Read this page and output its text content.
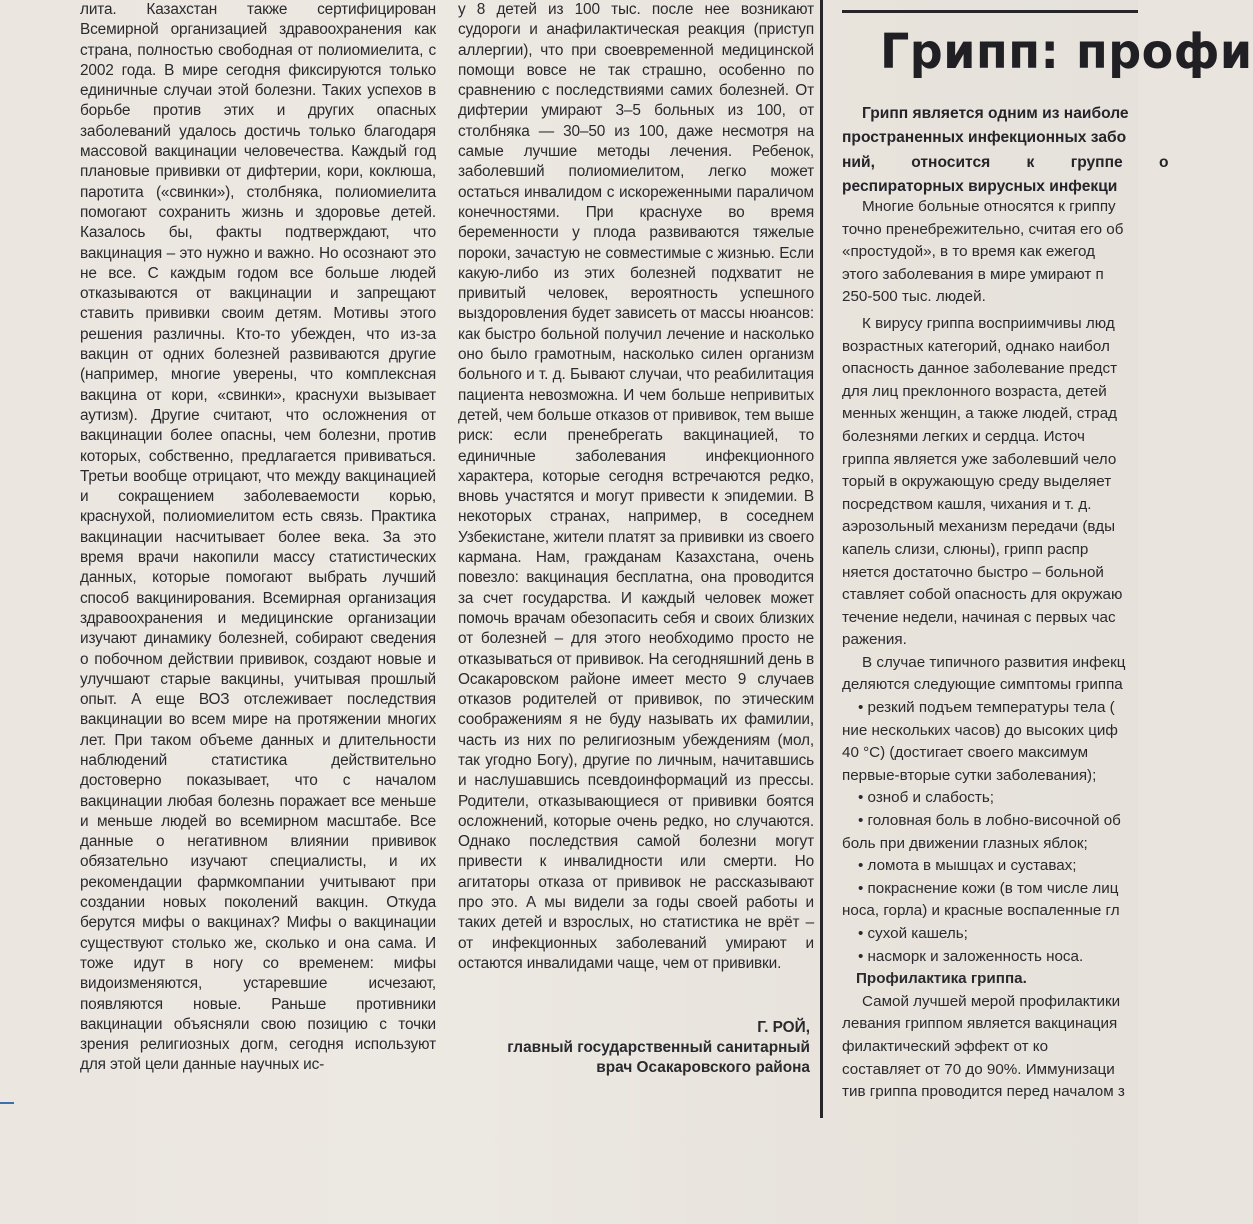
лита. Казахстан также сертифицирован Всемирной организацией здравоохранения как страна, полностью свободная от полиомиелита, с 2002 года. В мире сегодня фиксируются только единичные случаи этой болезни. Таких успехов в борьбе против этих и других опасных заболеваний удалось достичь только благодаря массовой вакцинации человечества. Каждый год плановые прививки от дифтерии, кори, коклюша, паротита («свинки»), столбняка, полиомиелита помогают сохранить жизнь и здоровье детей. Казалось бы, факты подтверждают, что вакцинация – это нужно и важно. Но осознают это не все. С каждым годом все больше людей отказываются от вакцинации и запрещают ставить прививки своим детям. Мотивы этого решения различны. Кто-то убежден, что из-за вакцин от одних болезней развиваются другие (например, многие уверены, что комплексная вакцина от кори, «свинки», краснухи вызывает аутизм). Другие считают, что осложнения от вакцинации более опасны, чем болезни, против которых, собственно, предлагается прививаться. Третьи вообще отрицают, что между вакцинацией и сокращением заболеваемости корью, краснухой, полиомиелитом есть связь. Практика вакцинации насчитывает более века. За это время врачи накопили массу статистических данных, которые помогают выбрать лучший способ вакцинирования. Всемирная организация здравоохранения и медицинские организации изучают динамику болезней, собирают сведения о побочном действии прививок, создают новые и улучшают старые вакцины, учитывая прошлый опыт. А еще ВОЗ отслеживает последствия вакцинации во всем мире на протяжении многих лет. При таком объеме данных и длительности наблюдений статистика действительно достоверно показывает, что с началом вакцинации любая болезнь поражает все меньше и меньше людей во всемирном масштабе. Все данные о негативном влиянии прививок обязательно изучают специалисты, и их рекомендации фармкомпании учитывают при создании новых поколений вакцин. Откуда берутся мифы о вакцинах? Мифы о вакцинации существуют столько же, сколько и она сама. И тоже идут в ногу со временем: мифы видоизменяются, устаревшие исчезают, появляются новые. Раньше противники вакцинации объясняли свою позицию с точки зрения религиозных догм, сегодня используют для этой цели данные научных ис-

у 8 детей из 100 тыс. после нее возникают судороги и анафилактическая реакция (приступ аллергии), что при своевременной медицинской помощи вовсе не так страшно, особенно по сравнению с последствиями самих болезней. От дифтерии умирают 3–5 больных из 100, от столбняка — 30–50 из 100, даже несмотря на самые лучшие методы лечения. Ребенок, заболевший полиомиелитом, легко может остаться инвалидом с искореженными параличом конечностями. При краснухе во время беременности у плода развиваются тяжелые пороки, зачастую не совместимые с жизнью. Если какую-либо из этих болезней подхватит не привитый человек, вероятность успешного выздоровления будет зависеть от массы нюансов: как быстро больной получил лечение и насколько оно было грамотным, насколько силен организм больного и т. д. Бывают случаи, что реабилитация пациента невозможна. И чем больше непривитых детей, чем больше отказов от прививок, тем выше риск: если пренебрегать вакцинацией, то единичные заболевания инфекционного характера, которые сегодня встречаются редко, вновь участятся и могут привести к эпидемии. В некоторых странах, например, в соседнем Узбекистане, жители платят за прививки из своего кармана. Нам, гражданам Казахстана, очень повезло: вакцинация бесплатна, она проводится за счет государства. И каждый человек может помочь врачам обезопасить себя и своих близких от болезней – для этого необходимо просто не отказываться от прививок. На сегодняшний день в Осакаровском районе имеет место 9 случаев отказов родителей от прививок, по этическим соображениям я не буду называть их фамилии, часть из них по религиозным убеждениям (мол, так угодно Богу), другие по личным, начитавшись и наслушавшись псевдоинформаций из прессы. Родители, отказывающиеся от прививки боятся осложнений, которые очень редко, но случаются. Однако последствия самой болезни могут привести к инвалидности или смерти. Но агитаторы отказа от прививок не рассказывают про это. А мы видели за годы своей работы и таких детей и взрослых, но статистика не врёт – от инфекционных заболеваний умирают и остаются инвалидами чаще, чем от прививки.

Г. РОЙ,
главный государственный санитарный
врач Осакаровского района
Грипп: профи
Грипп является одним из наиболе
пространенных инфекционных забо
ний, относится к группе о
респираторных вирусных инфекци
Многие больные относятся к гриппу
точно пренебрежительно, считая его об
«простудой», в то время как ежегод
этого заболевания в мире умирают п
250-500 тыс. людей.
К вирусу гриппа восприимчивы люд
возрастных категорий, однако наибол
опасность данное заболевание предст
для лиц преклонного возраста, детей
менных женщин, а также людей, страд
болезнями легких и сердца. Источ
гриппа является уже заболевший чело
торый в окружающую среду выделяет
посредством кашля, чихания и т. д.
аэрозольный механизм передачи (вды
капель слизи, слюны), грипп распр
няется достаточно быстро – больной
ставляет собой опасность для окружаю
течение недели, начиная с первых час
ражения.
В случае типичного развития инфекц
деляются следующие симптомы гриппа
• резкий подъем температуры тела (
ние нескольких часов) до высоких циф
40 °C) (достигает своего максимум
первые-вторые сутки заболевания);
• озноб и слабость;
• головная боль в лобно-височной об
боль при движении глазных яблок;
• ломота в мышцах и суставах;
• покраснение кожи (в том числе лиц
носа, горла) и красные воспаленные гл
• сухой кашель;
• насморк и заложенность носа.
Профилактика гриппа.
Самой лучшей мерой профилактики
левания гриппом является вакцинация
филактический эффект от ко
составляет от 70 до 90%. Иммунизаци
тив гриппа проводится перед началом з
